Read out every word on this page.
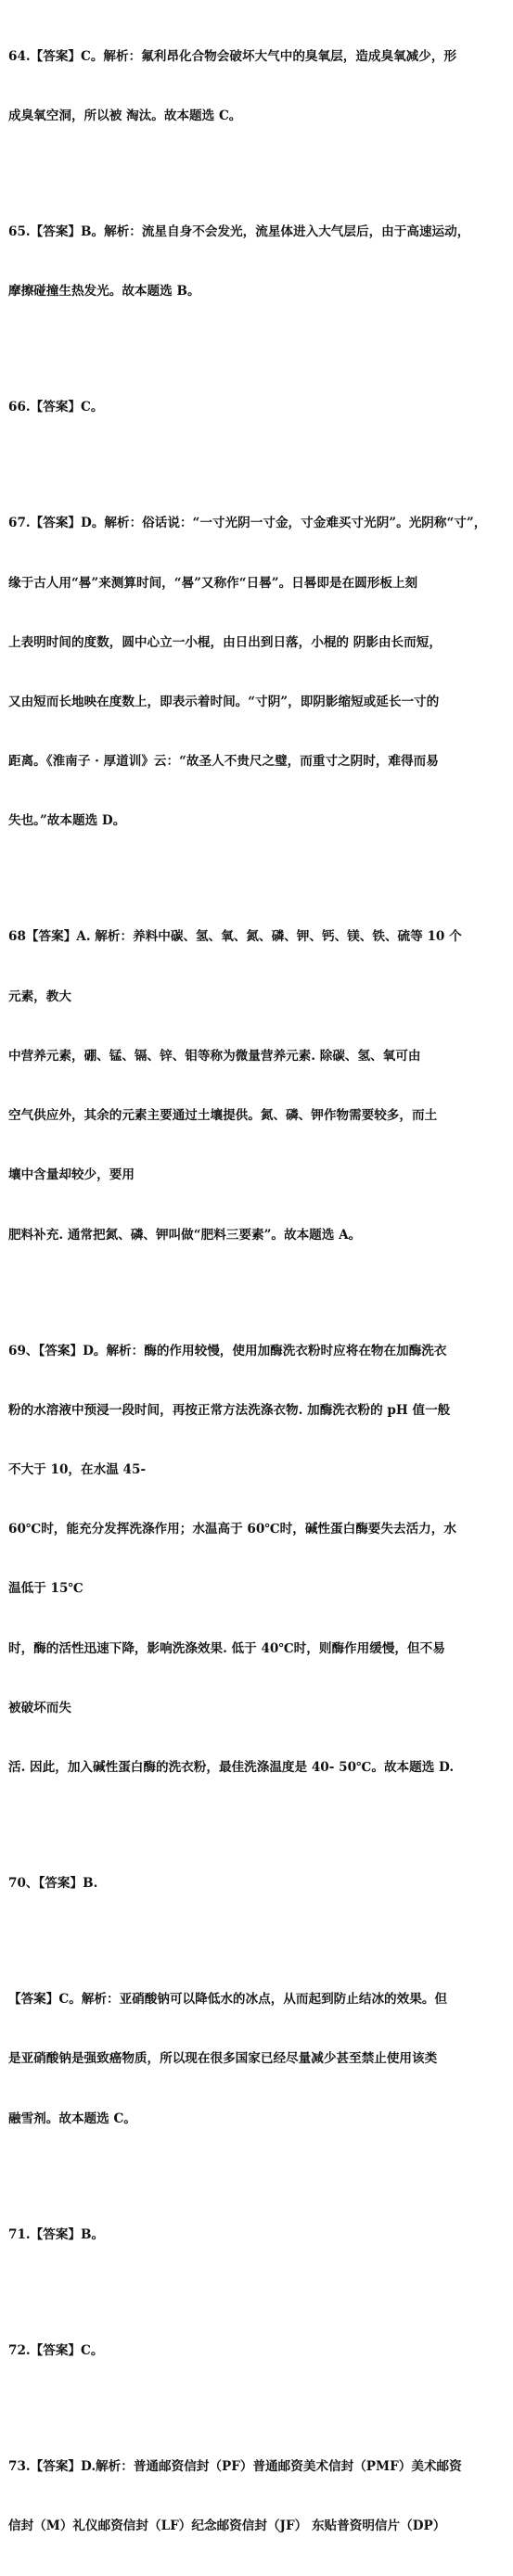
64.【答案】C。解析：氟利昂化合物会破坏大气中的臭氧层，造成臭氧减少，形

成臭氧空洞，所以被 淘汰。故本题选 C。

65.【答案】B。解析：流星自身不会发光，流星体进入大气层后，由于高速运动，

摩擦碰撞生热发光。故本题选 B。

66.【答案】C。

67.【答案】D。解析：俗话说：“一寸光阴一寸金，寸金难买寸光阴”。光阴称“寸”，

缘于古人用“晷”来测算时间，“晷”又称作“日晷”。日晷即是在圆形板上刻

上表明时间的度数，圆中心立一小棍，由日出到日落，小棍的 阴影由长而短，

又由短而长地映在度数上，即表示着时间。“寸阴”，即阴影缩短或延长一寸的

距离。《淮南子 · 厚道训》云：“故圣人不贵尺之璧，而重寸之阴时，难得而易

失也。”故本题选 D。

68【答案】A. 解析：养料中碳、氢、氧、氮、磷、钾、钙、镁、铁、硫等 10 个

元素，教大

中营养元素，硼、锰、镉、锌、钼等称为微量营养元素. 除碳、氢、氧可由

空气供应外，其余的元素主要通过土壤提供。氮、磷、钾作物需要较多，而土

壤中含量却较少，要用

肥料补充. 通常把氮、磷、钾叫做“肥料三要素”。故本题选 A。

69、【答案】D。解析：酶的作用较慢，使用加酶洗衣粉时应将在物在加酶洗衣

粉的水溶液中预浸一段时间，再按正常方法洗涤衣物. 加酶洗衣粉的 pH 值一般

不大于 10，在水温 45-

60℃时，能充分发挥洗涤作用；水温高于 60℃时，碱性蛋白酶要失去活力，水

温低于 15℃

时，酶的活性迅速下降，影响洗涤效果. 低于 40℃时，则酶作用缓慢，但不易

被破坏而失

活. 因此，加入碱性蛋白酶的洗衣粉，最佳洗涤温度是 40- 50℃。故本题选 D.

70、【答案】B.

【答案】C。解析：亚硝酸钠可以降低水的冰点，从而起到防止结冰的效果。但

是亚硝酸钠是强致癌物质，所以现在很多国家已经尽量减少甚至禁止使用该类

融雪剂。故本题选 C。

71.【答案】B。

72.【答案】C。

73.【答案】D.解析：普通邮资信封（PF）普通邮资美术信封（PMF）美术邮资

信封（M）礼仪邮资信封（LF）纪念邮资信封（JF） 东贴普资明信片（DP）
